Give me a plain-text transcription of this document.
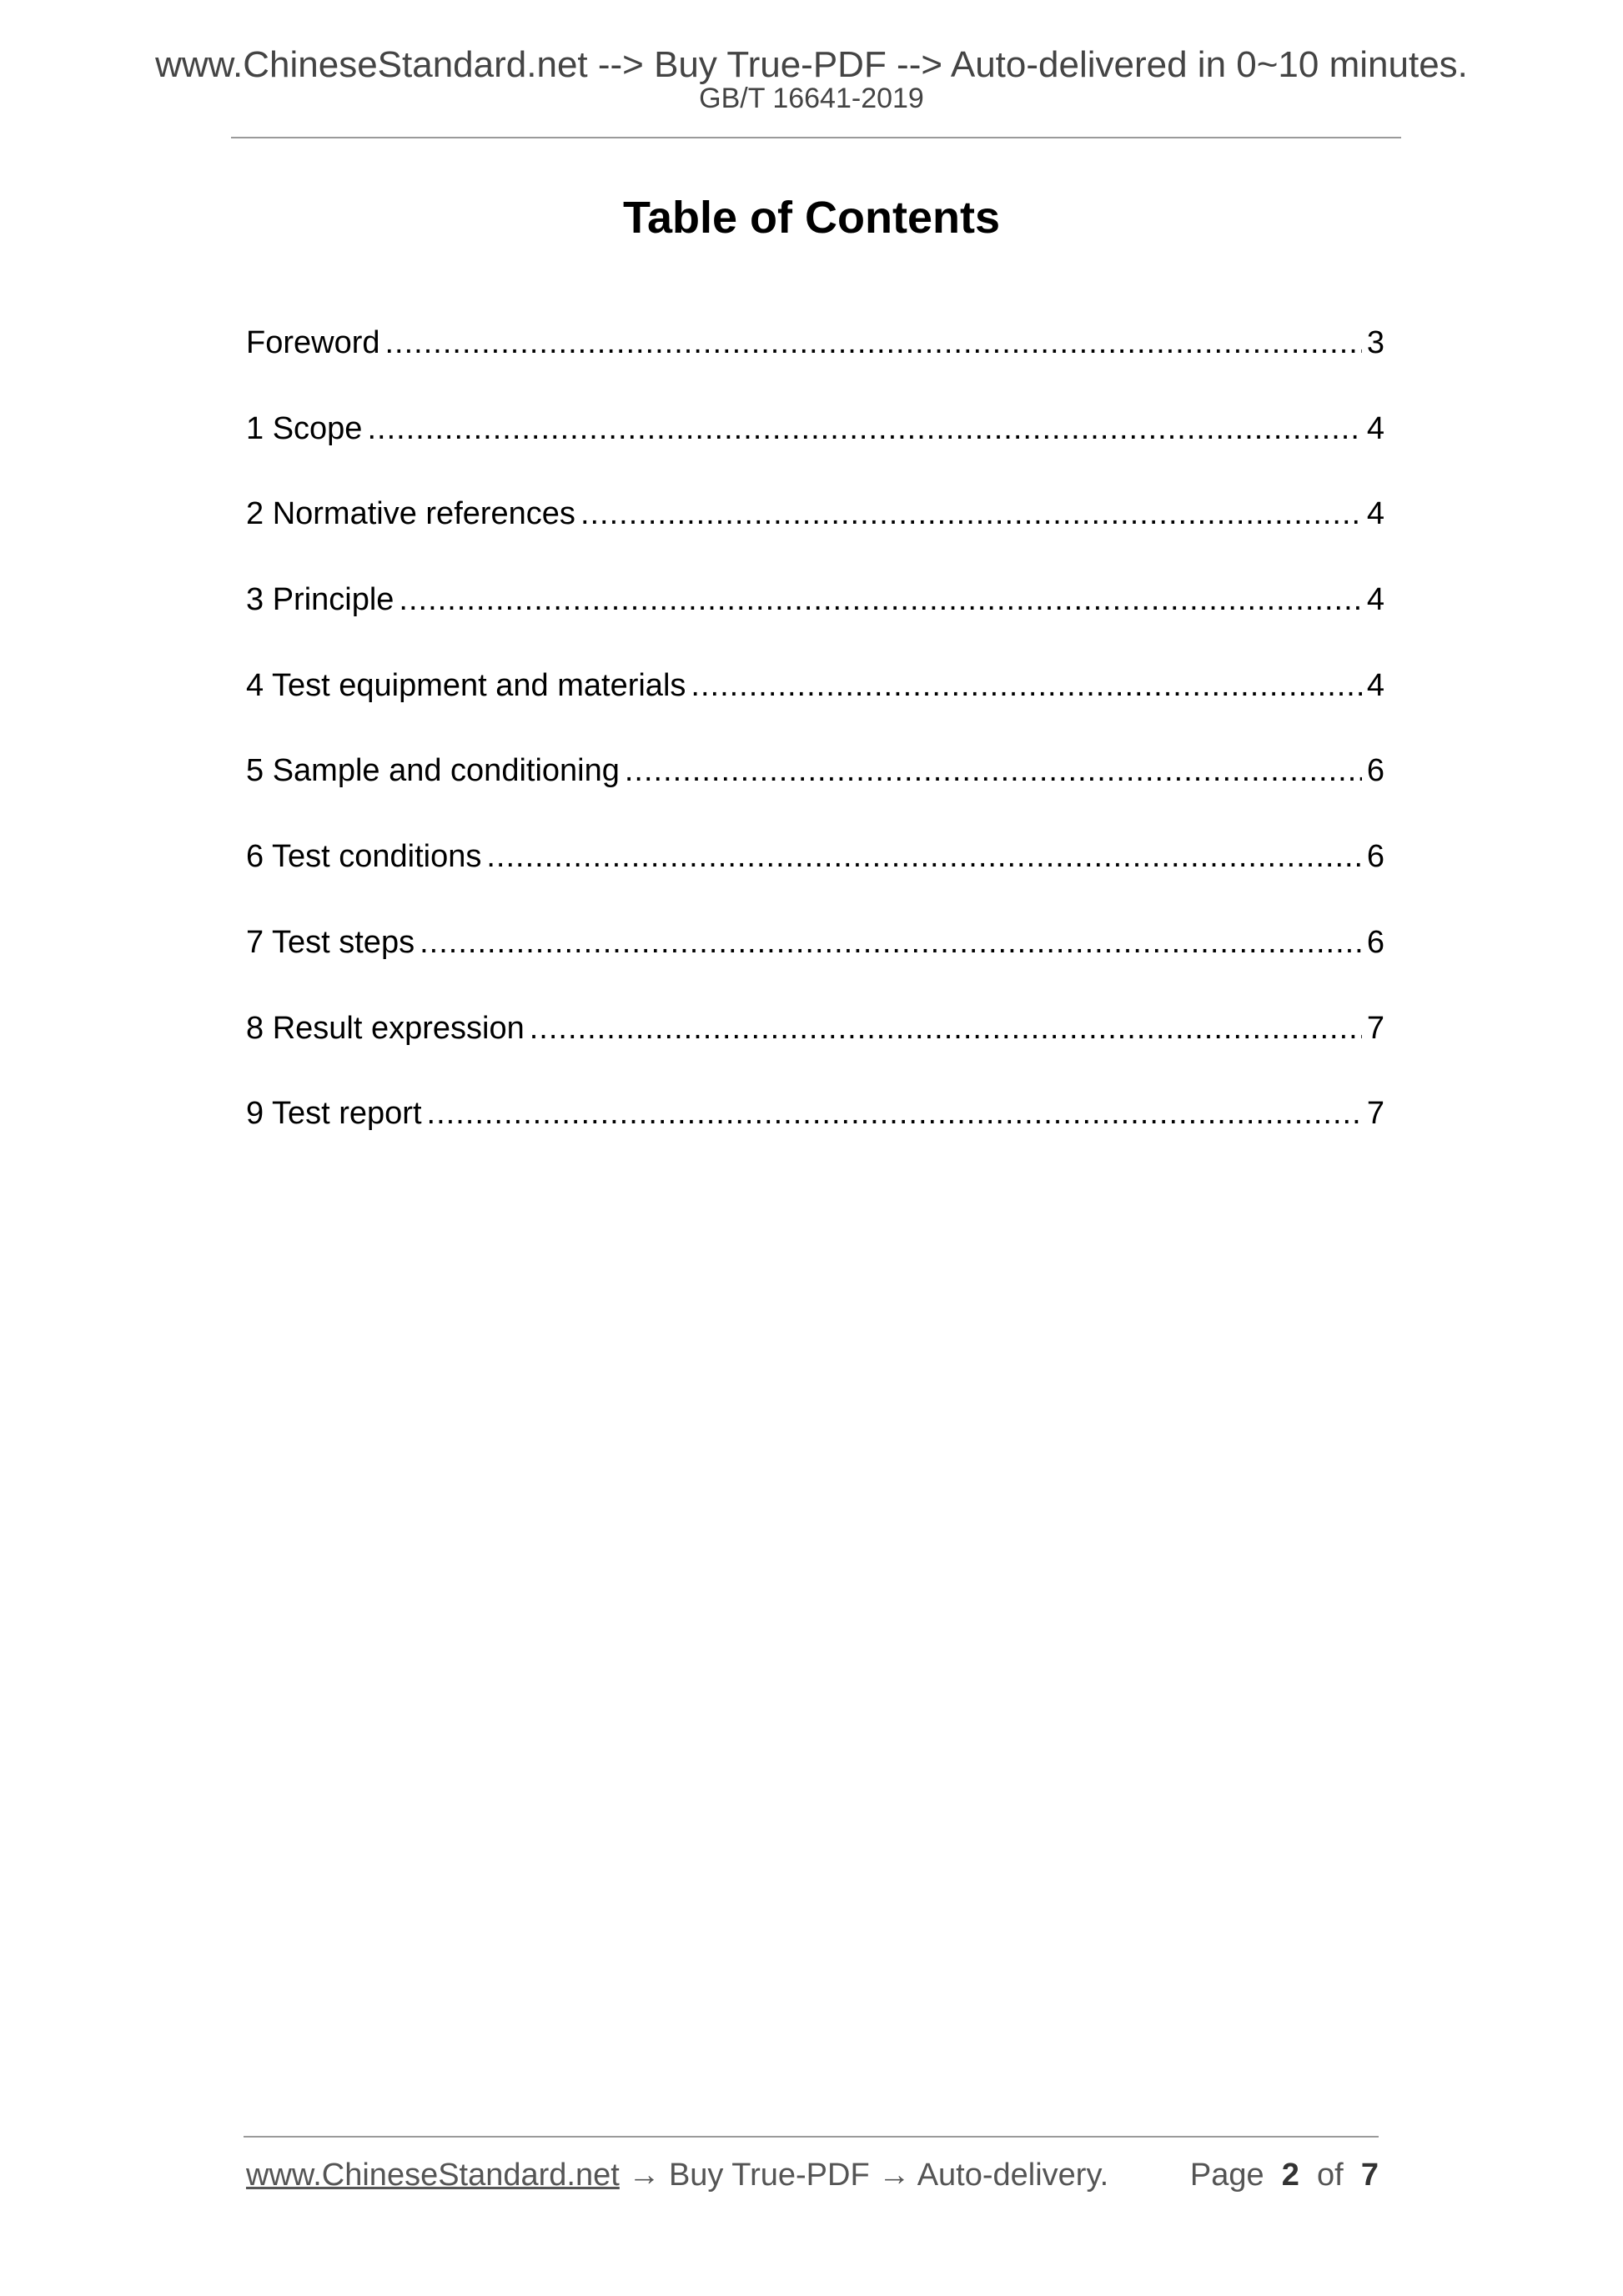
www.ChineseStandard.net --> Buy True-PDF --> Auto-delivered in 0~10 minutes.
GB/T 16641-2019
Table of Contents
Foreword .....	3
1 Scope .....	4
2 Normative references .....	4
3 Principle .....	4
4 Test equipment and materials .....	4
5 Sample and conditioning .....	6
6 Test conditions .....	6
7 Test steps .....	6
8 Result expression .....	7
9 Test report .....	7
www.ChineseStandard.net → Buy True-PDF → Auto-delivery.	Page 2 of 7
